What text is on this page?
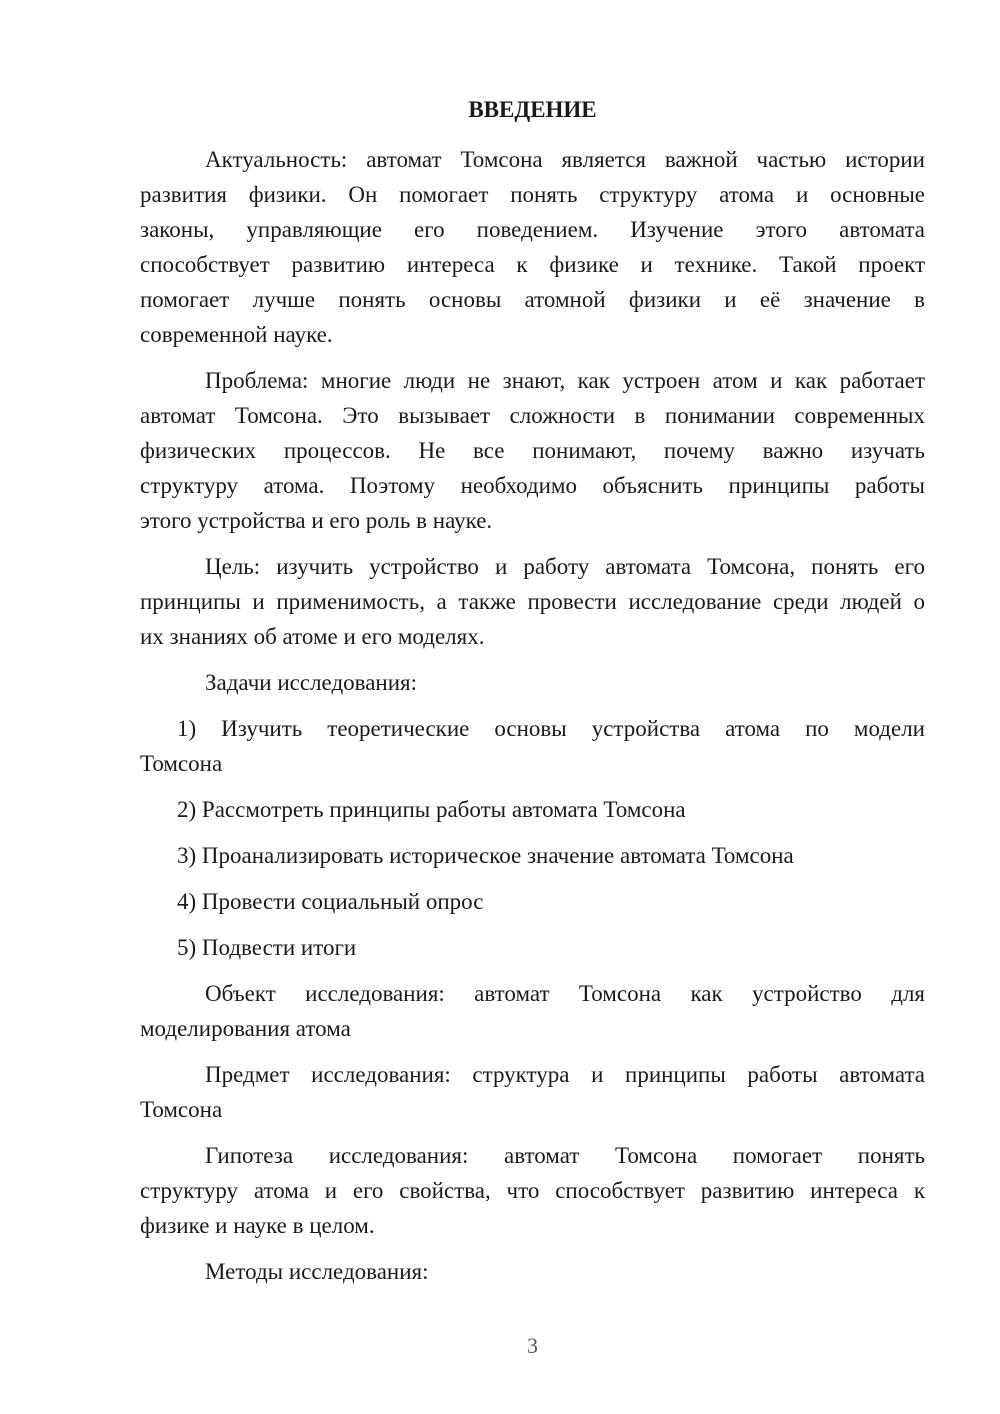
ВВЕДЕНИЕ
Актуальность: автомат Томсона является важной частью истории
развития физики. Он помогает понять структуру атома и основные
законы, управляющие его поведением. Изучение этого автомата
способствует развитию интереса к физике и технике. Такой проект
помогает лучше понять основы атомной физики и её значение в
современной науке.
Проблема: многие люди не знают, как устроен атом и как работает
автомат Томсона. Это вызывает сложности в понимании современных
физических процессов. Не все понимают, почему важно изучать
структуру атома. Поэтому необходимо объяснить принципы работы
этого устройства и его роль в науке.
Цель: изучить устройство и работу автомата Томсона, понять его
принципы и применимость, а также провести исследование среди людей о
их знаниях об атоме и его моделях.
Задачи исследования:
1) Изучить теоретические основы устройства атома по модели
Томсона
2) Рассмотреть принципы работы автомата Томсона
3) Проанализировать историческое значение автомата Томсона
4) Провести социальный опрос
5) Подвести итоги
Объект исследования: автомат Томсона как устройство для
моделирования атома
Предмет исследования: структура и принципы работы автомата
Томсона
Гипотеза исследования: автомат Томсона помогает понять
структуру атома и его свойства, что способствует развитию интереса к
физике и науке в целом.
Методы исследования:
3
